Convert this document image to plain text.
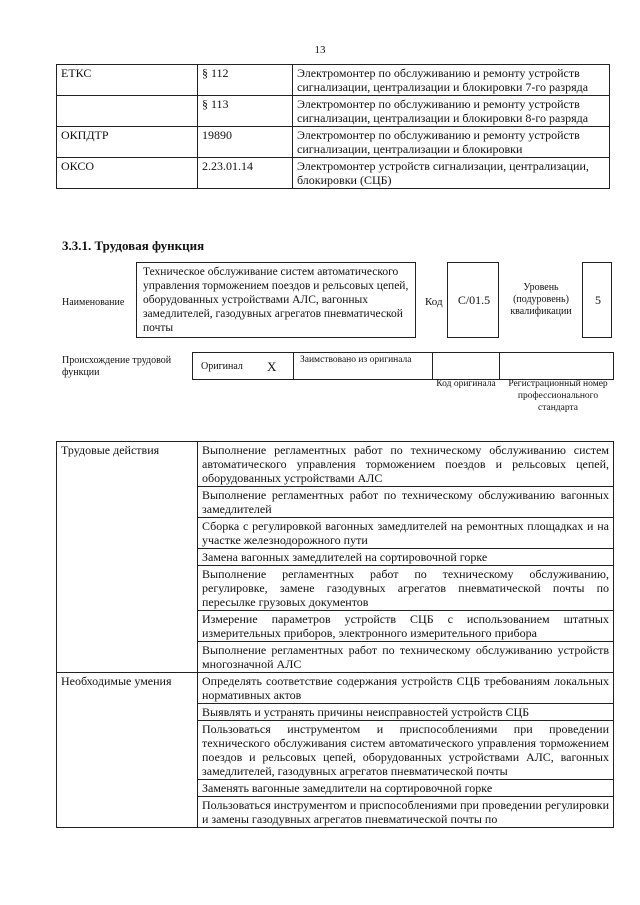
13
ЕТКС	§ 112	Электромонтер по обслуживанию и ремонту устройств сигнализации, централизации и блокировки 7-го разряда
	§ 113	Электромонтер по обслуживанию и ремонту устройств сигнализации, централизации и блокировки 8-го разряда
ОКПДТР	19890	Электромонтер по обслуживанию и ремонту устройств сигнализации, централизации и блокировки
ОКСО	2.23.01.14	Электромонтер устройств сигнализации, централизации, блокировки (СЦБ)
3.3.1. Трудовая функция
Наименование
Техническое обслуживание систем автоматического управления торможением поездов и рельсовых цепей, оборудованных устройствами АЛС, вагонных замедлителей, газодувных агрегатов пневматической почты
Код	С/01.5
Уровень (подуровень) квалификации
5
Происхождение трудовой функции
Оригинал X Заимствовано из оригинала
Код оригинала	Регистрационный номер профессионального стандарта
Трудовые действия	Выполнение регламентных работ по техническому обслуживанию систем автоматического управления торможением поездов и рельсовых цепей, оборудованных устройствами АЛС
	Выполнение регламентных работ по техническому обслуживанию вагонных замедлителей
	Сборка с регулировкой вагонных замедлителей на ремонтных площадках и на участке железнодорожного пути
	Замена вагонных замедлителей на сортировочной горке
	Выполнение регламентных работ по техническому обслуживанию, регулировке, замене газодувных агрегатов пневматической почты по пересылке грузовых документов
	Измерение параметров устройств СЦБ с использованием штатных измерительных приборов, электронного измерительного прибора
	Выполнение регламентных работ по техническому обслуживанию устройств многозначной АЛС
Необходимые умения	Определять соответствие содержания устройств СЦБ требованиям локальных нормативных актов
	Выявлять и устранять причины неисправностей устройств СЦБ
	Пользоваться инструментом и приспособлениями при проведении технического обслуживания систем автоматического управления торможением поездов и рельсовых цепей, оборудованных устройствами АЛС, вагонных замедлителей, газодувных агрегатов пневматической почты
	Заменять вагонные замедлители на сортировочной горке
	Пользоваться инструментом и приспособлениями при проведении регулировки и замены газодувных агрегатов пневматической почты по
